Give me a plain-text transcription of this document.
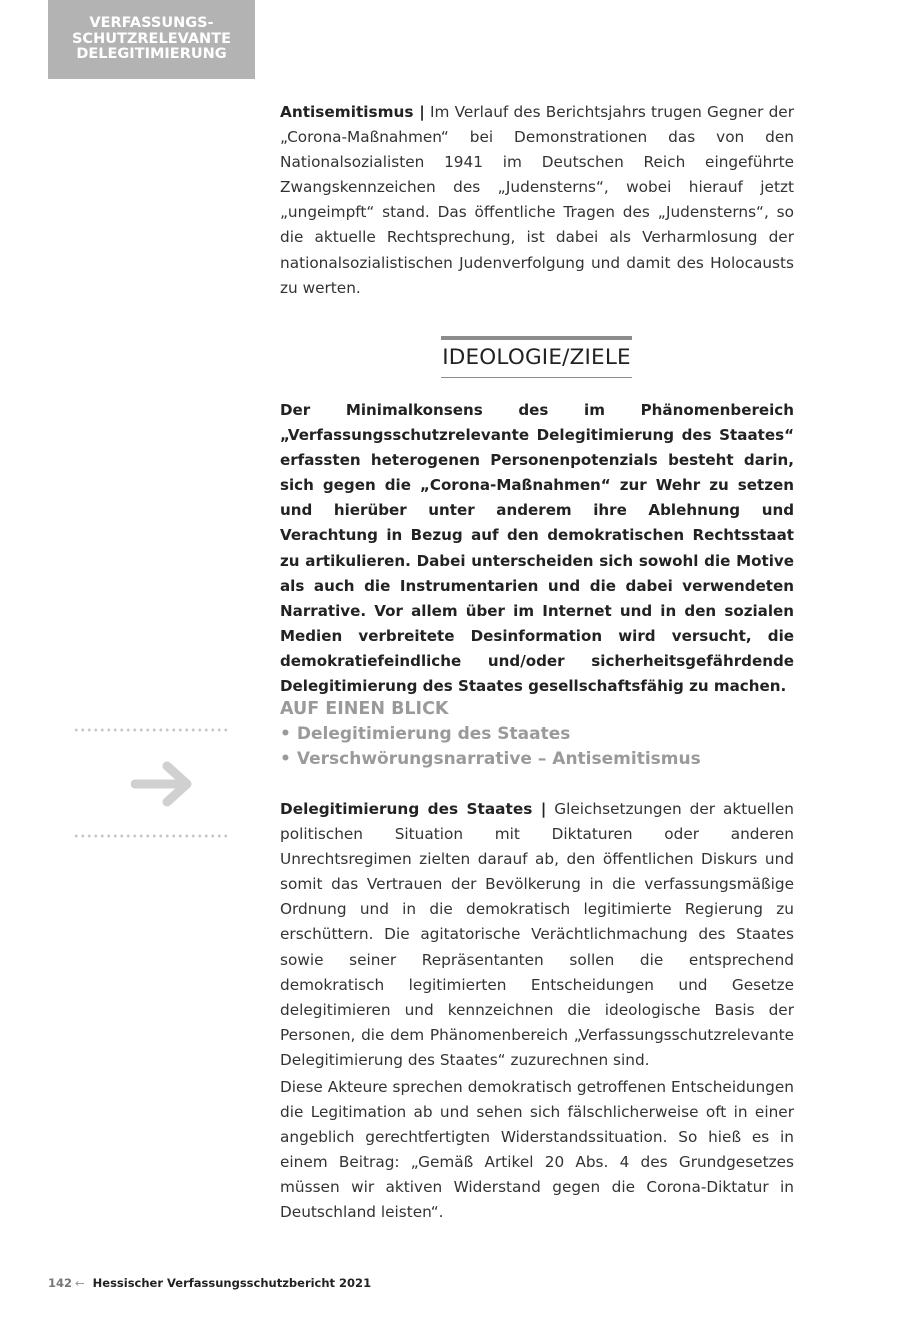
VERFASSUNGS-
SCHUTZRELEVANTE
DELEGITIMIERUNG

Antisemitismus | Im Verlauf des Berichtsjahrs trugen Gegner der „Corona-Maßnahmen“ bei Demonstrationen das von den Nationalsozialisten 1941 im Deutschen Reich eingeführte Zwangskennzeichen des „Judensterns“, wobei hierauf jetzt „ungeimpft“ stand. Das öffentliche Tragen des „Judensterns“, so die aktuelle Rechtsprechung, ist dabei als Verharmlosung der nationalsozialistischen Judenverfolgung und damit des Holocausts zu werten.

IDEOLOGIE/ZIELE

Der Minimalkonsens des im Phänomenbereich „Verfassungsschutzrelevante Delegitimierung des Staates“ erfassten heterogenen Personenpotenzials besteht darin, sich gegen die „Corona-Maßnahmen“ zur Wehr zu setzen und hierüber unter anderem ihre Ablehnung und Verachtung in Bezug auf den demokratischen Rechtsstaat zu artikulieren. Dabei unterscheiden sich sowohl die Motive als auch die Instrumentarien und die dabei verwendeten Narrative. Vor allem über im Internet und in den sozialen Medien verbreitete Desinformation wird versucht, die demokratiefeindliche und/oder sicherheitsgefährdende Delegitimierung des Staates gesellschaftsfähig zu machen.

AUF EINEN BLICK
• Delegitimierung des Staates
• Verschwörungsnarrative – Antisemitismus

Delegitimierung des Staates | Gleichsetzungen der aktuellen politischen Situation mit Diktaturen oder anderen Unrechtsregimen zielten darauf ab, den öffentlichen Diskurs und somit das Vertrauen der Bevölkerung in die verfassungsmäßige Ordnung und in die demokratisch legitimierte Regierung zu erschüttern. Die agitatorische Verächtlichmachung des Staates sowie seiner Repräsentanten sollen die entsprechend demokratisch legitimierten Entscheidungen und Gesetze delegitimieren und kennzeichnen die ideologische Basis der Personen, die dem Phänomenbereich „Verfassungsschutzrelevante Delegitimierung des Staates“ zuzurechnen sind.

Diese Akteure sprechen demokratisch getroffenen Entscheidungen die Legitimation ab und sehen sich fälschlicherweise oft in einer angeblich gerechtfertigten Widerstandssituation. So hieß es in einem Beitrag: „Gemäß Artikel 20 Abs. 4 des Grundgesetzes müssen wir aktiven Widerstand gegen die Corona-Diktatur in Deutschland leisten“.

142 ← Hessischer Verfassungsschutzbericht 2021
